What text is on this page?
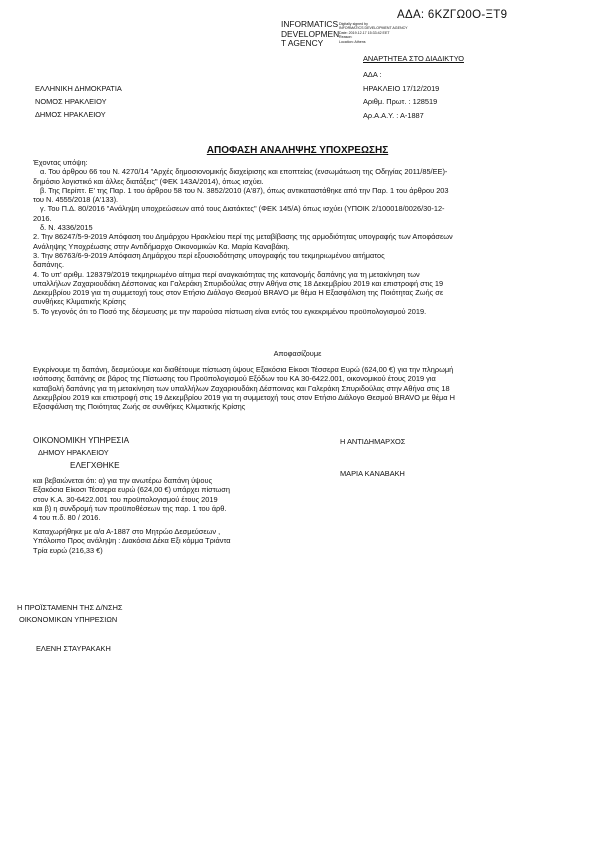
ΑΔΑ: 6ΚΖΓΩ0Ο-ΞΤ9
INFORMATICS
DEVELOPMEN
T AGENCY
Digitally signed by
INFORMATICS DEVELOPMENT AGENCY
Date: 2019.12.17 15:33:42 EET
Reason:
Location: Athens
ΑΝΑΡΤΗΤΕΑ ΣΤΟ ΔΙΑΔΙΚΤΥΟ
ΕΛΛΗΝΙΚΗ ΔΗΜΟΚΡΑΤΙΑ
ΝΟΜΟΣ ΗΡΑΚΛΕΙΟΥ
ΔΗΜΟΣ ΗΡΑΚΛΕΙΟΥ
ΑΔΑ :
ΗΡΑΚΛΕΙΟ 17/12/2019
Αριθμ. Πρωτ. : 128519
Αρ.Α.Α.Υ. : Α-1887
ΑΠΟΦΑΣΗ ΑΝΑΛΗΨΗΣ ΥΠΟΧΡΕΩΣΗΣ
Έχοντας υπόψη:
α. Του άρθρου 66 του Ν. 4270/14 "Αρχές δημοσιονομικής διαχείρισης και εποπτείας (ενσωμάτωση της Οδηγίας 2011/85/ΕΕ)-
δημόσιο λογιστικό και άλλες διατάξεις" (ΦΕΚ 143Α/2014), όπως ισχύει.
β. Της Περίπτ. Ε' της Παρ. 1 του άρθρου 58 του Ν. 3852/2010 (Α'87), όπως αντικαταστάθηκε από την Παρ. 1 του άρθρου 203
του Ν. 4555/2018 (Α'133).
γ. Του Π.Δ. 80/2016 "Ανάληψη υποχρεώσεων από τους Διατάκτες" (ΦΕΚ 145/Α) όπως ισχύει (ΥΠΟΙΚ 2/100018/0026/30-12-
2016.
δ. Ν. 4336/2015
2. Την 86247/5-9-2019 Απόφαση του Δημάρχου Ηρακλείου περί της μεταβίβασης της αρμοδιότητας υπογραφής των Αποφάσεων
Ανάληψης Υποχρέωσης στην Αντιδήμαρχο Οικονομικών Κα. Μαρία Καναβάκη.
3. Την 86763/6-9-2019 Απόφαση Δημάρχου περί εξουσιοδότησης υπογραφής του τεκμηριωμένου αιτήματος
δαπάνης.
4. Το υπ' αριθμ. 128379/2019 τεκμηριωμένο αίτημα περί αναγκαιότητας της κατανομής δαπάνης για τη μετακίνηση των
υπαλλήλων Ζαχαριουδάκη Δέσποινας και Γαλεράκη Σπυριδούλας στην Αθήνα στις 18 Δεκεμβρίου 2019 και επιστροφή στις 19
Δεκεμβρίου 2019 για τη συμμετοχή τους στον Ετήσιο Διάλογο Θεσμού BRAVO με θέμα Η Εξασφάλιση της Ποιότητας Ζωής σε
συνθήκες Κλιματικής Κρίσης
5. Το γεγονός ότι το Ποσό της δέσμευσης με την παρούσα πίστωση είναι εντός του εγκεκριμένου προϋπολογισμού 2019.
Αποφασίζουμε
Εγκρίνουμε τη δαπάνη, δεσμεύουμε και διαθέτουμε πίστωση ύψους Εξακόσια Είκοσι Τέσσερα Ευρώ (624,00 €) για την πληρωμή
ισόποσης δαπάνης σε βάρος της Πίστωσης του Προϋπολογισμού Εξόδων του ΚΑ 30-6422.001, οικονομικού έτους 2019 για
καταβολή δαπάνης για τη μετακίνηση των υπαλλήλων Ζαχαριουδάκη Δέσποινας και Γαλεράκη Σπυριδούλας στην Αθήνα στις 18
Δεκεμβρίου 2019 και επιστροφή στις 19 Δεκεμβρίου 2019 για τη συμμετοχή τους στον Ετήσιο Διάλογο Θεσμού BRAVO με θέμα Η
Εξασφάλιση της Ποιότητας Ζωής σε συνθήκες Κλιματικής Κρίσης
ΟΙΚΟΝΟΜΙΚΗ ΥΠΗΡΕΣΙΑ
ΔΗΜΟΥ ΗΡΑΚΛΕΙΟΥ
ΕΛΕΓΧΘΗΚΕ
και βεβαιώνεται ότι: α) για την ανωτέρω δαπάνη ύψους
Εξακόσια Είκοσι Τέσσερα ευρώ (624,00 €) υπάρχει πίστωση
στον Κ.Α. 30-6422.001 του προϋπολογισμού έτους 2019
και β) η συνδρομή των προϋποθέσεων της παρ. 1 του άρθ.
4 του π.δ. 80 / 2016.
Καταχωρήθηκε με α/α Α-1887 στο Μητρώο Δεσμεύσεων ,
Υπόλοιπο Προς ανάληψη : Διακόσια Δέκα Εξι κόμμα Τριάντα
Τρία ευρώ (216,33 €)
Η ΑΝΤΙΔΗΜΑΡΧΟΣ
ΜΑΡΙΑ ΚΑΝΑΒΑΚΗ
Η ΠΡΟΪΣΤΑΜΕΝΗ ΤΗΣ Δ/ΝΣΗΣ
ΟΙΚΟΝΟΜΙΚΩΝ ΥΠΗΡΕΣΙΩΝ
ΕΛΕΝΗ ΣΤΑΥΡΑΚΑΚΗ
